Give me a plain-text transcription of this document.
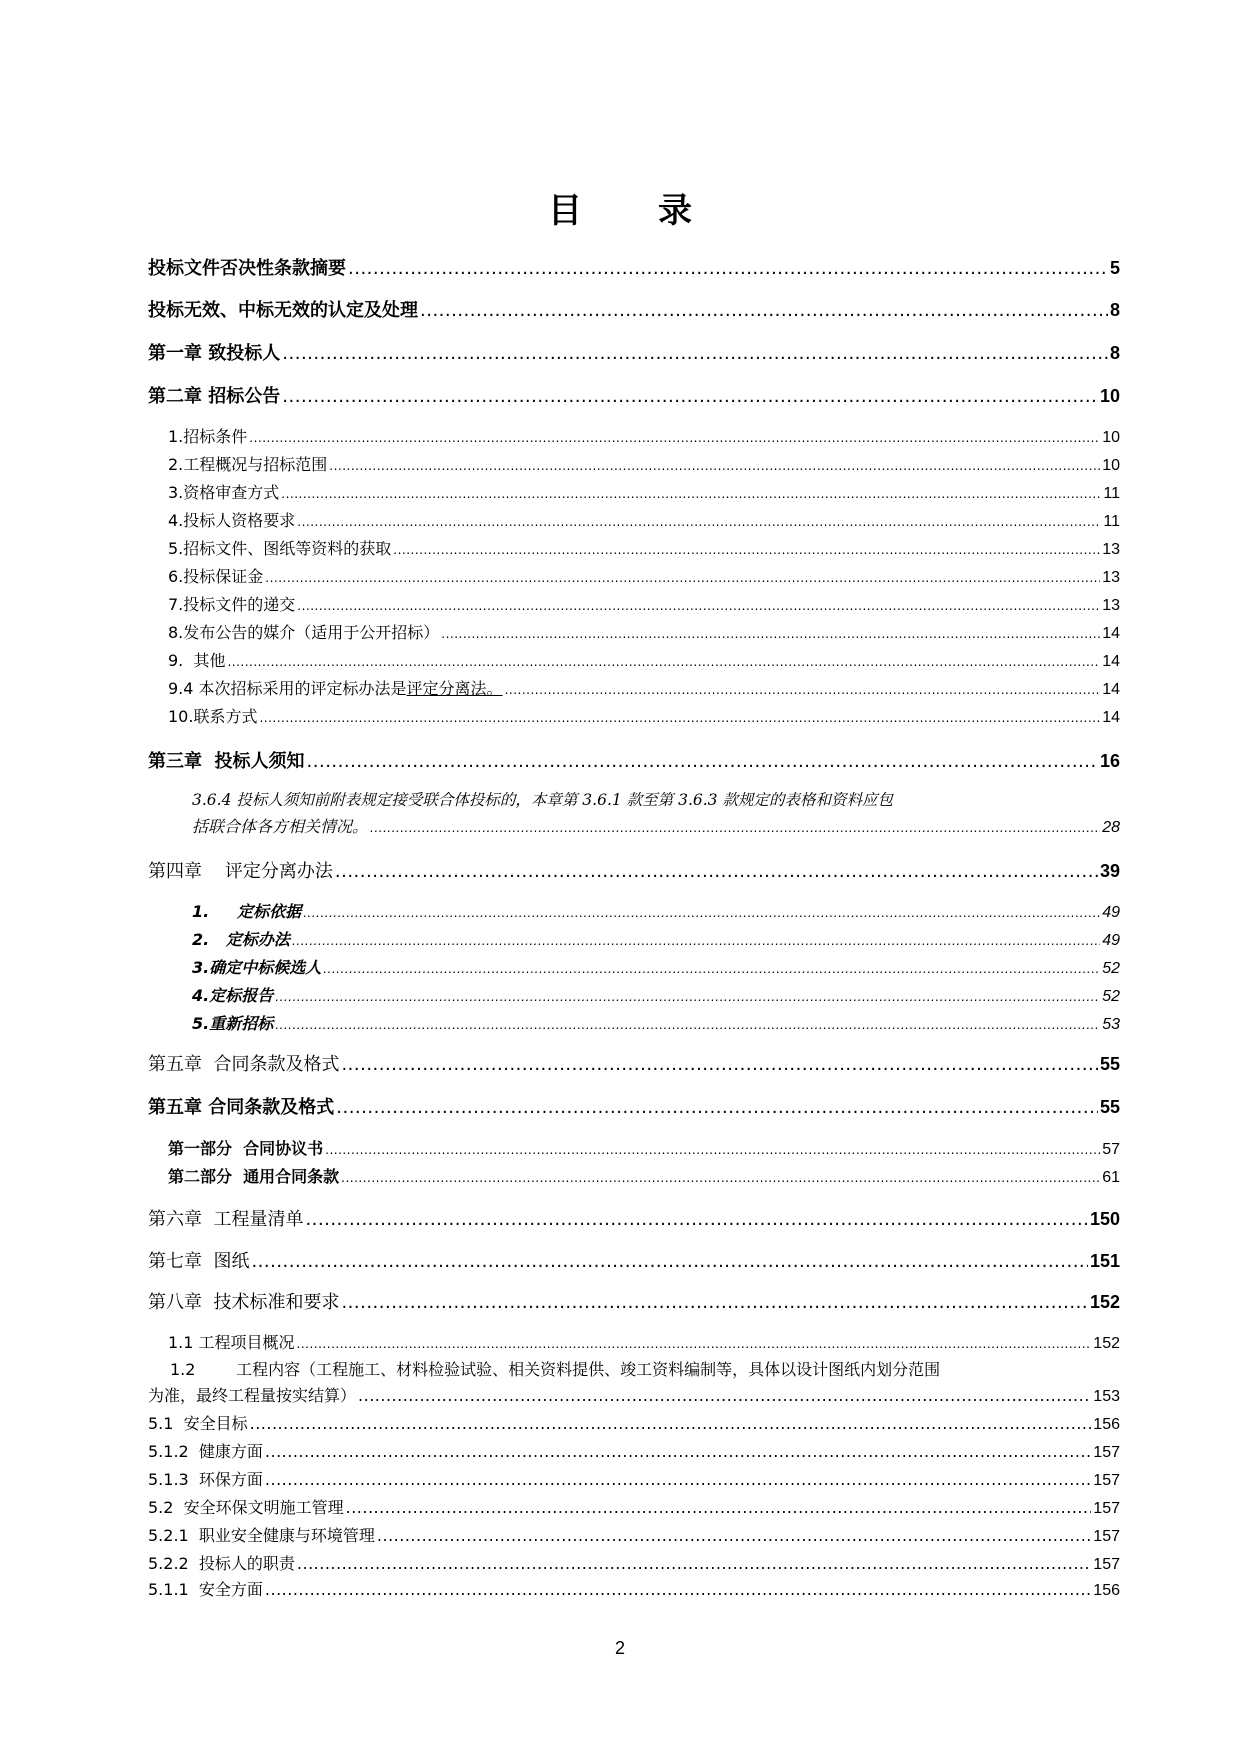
目 录
投标文件否决性条款摘要 .....	5
投标无效、中标无效的认定及处理 .....	8
第一章 致投标人 .....	8
第二章 招标公告 .....	10
1.招标条件 .....	10
2.工程概况与招标范围 .....	10
3.资格审查方式 .....	11
4.投标人资格要求 .....	11
5.招标文件、图纸等资料的获取 .....	13
6.投标保证金 .....	13
7.投标文件的递交 .....	13
8.发布公告的媒介（适用于公开招标） .....	14
9.  其他 .....	14
9.4 本次招标采用的评定标办法是评定分离法。 .....	14
10.联系方式 .....	14
第三章  投标人须知 .....	16
3.6.4 投标人须知前附表规定接受联合体投标的，本章第 3.6.1 款至第 3.6.3 款规定的表格和资料应包
括联合体各方相关情况。 .....	28
第四章    评定分离办法 .....	39
1.     定标依据 .....	49
2.   定标办法 .....	49
3.确定中标候选人 .....	52
4.定标报告 .....	52
5.重新招标 .....	53
第五章  合同条款及格式 .....	55
第五章 合同条款及格式 .....	55
第一部分  合同协议书 .....	57
第二部分  通用合同条款 .....	61
第六章  工程量清单 .....	150
第七章  图纸 .....	151
第八章  技术标准和要求 .....	152
1.1 工程项目概况 .....	152
1.2        工程内容（工程施工、材料检验试验、相关资料提供、竣工资料编制等，具体以设计图纸内划分范围
为准，最终工程量按实结算） .....	153
5.1  安全目标 .....	156
5.1.2  健康方面 .....	157
5.1.3  环保方面 .....	157
5.2  安全环保文明施工管理 .....	157
5.2.1  职业安全健康与环境管理 .....	157
5.2.2  投标人的职责 .....	157
5.1.1  安全方面 .....	156
2
